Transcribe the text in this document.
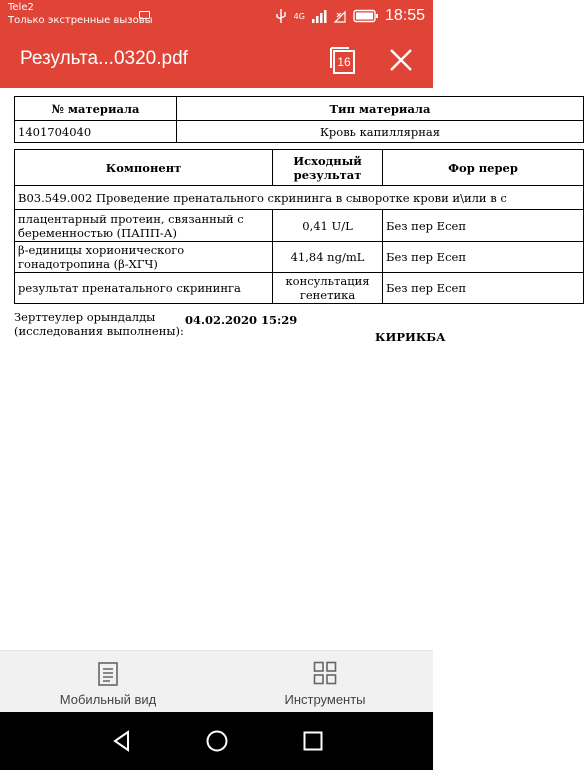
Tele2
Только экстренные вызовы	4G	18:55
Результа...0320.pdf	16
№ материала	Тип материала
1401704040	Кровь капиллярная
Компонент	Исходный результат	Фор перер
B03.549.002 Проведение пренатального скрининга в сыворотке крови и\или в с		
плацентарный протеин, связанный с беременностью (ПАПП-А)	0,41 U/L	Без пер Есеп
β-единицы хорионического гонадотропина (β-ХГЧ)	41,84 ng/mL	Без пер Есеп
результат пренатального скрининга	консультация генетика	Без пер Есеп
Зерттеулер орындалды
(исследования выполнены):
04.02.2020 15:29
КИРИКБА
Мобильный вид	Инструменты
